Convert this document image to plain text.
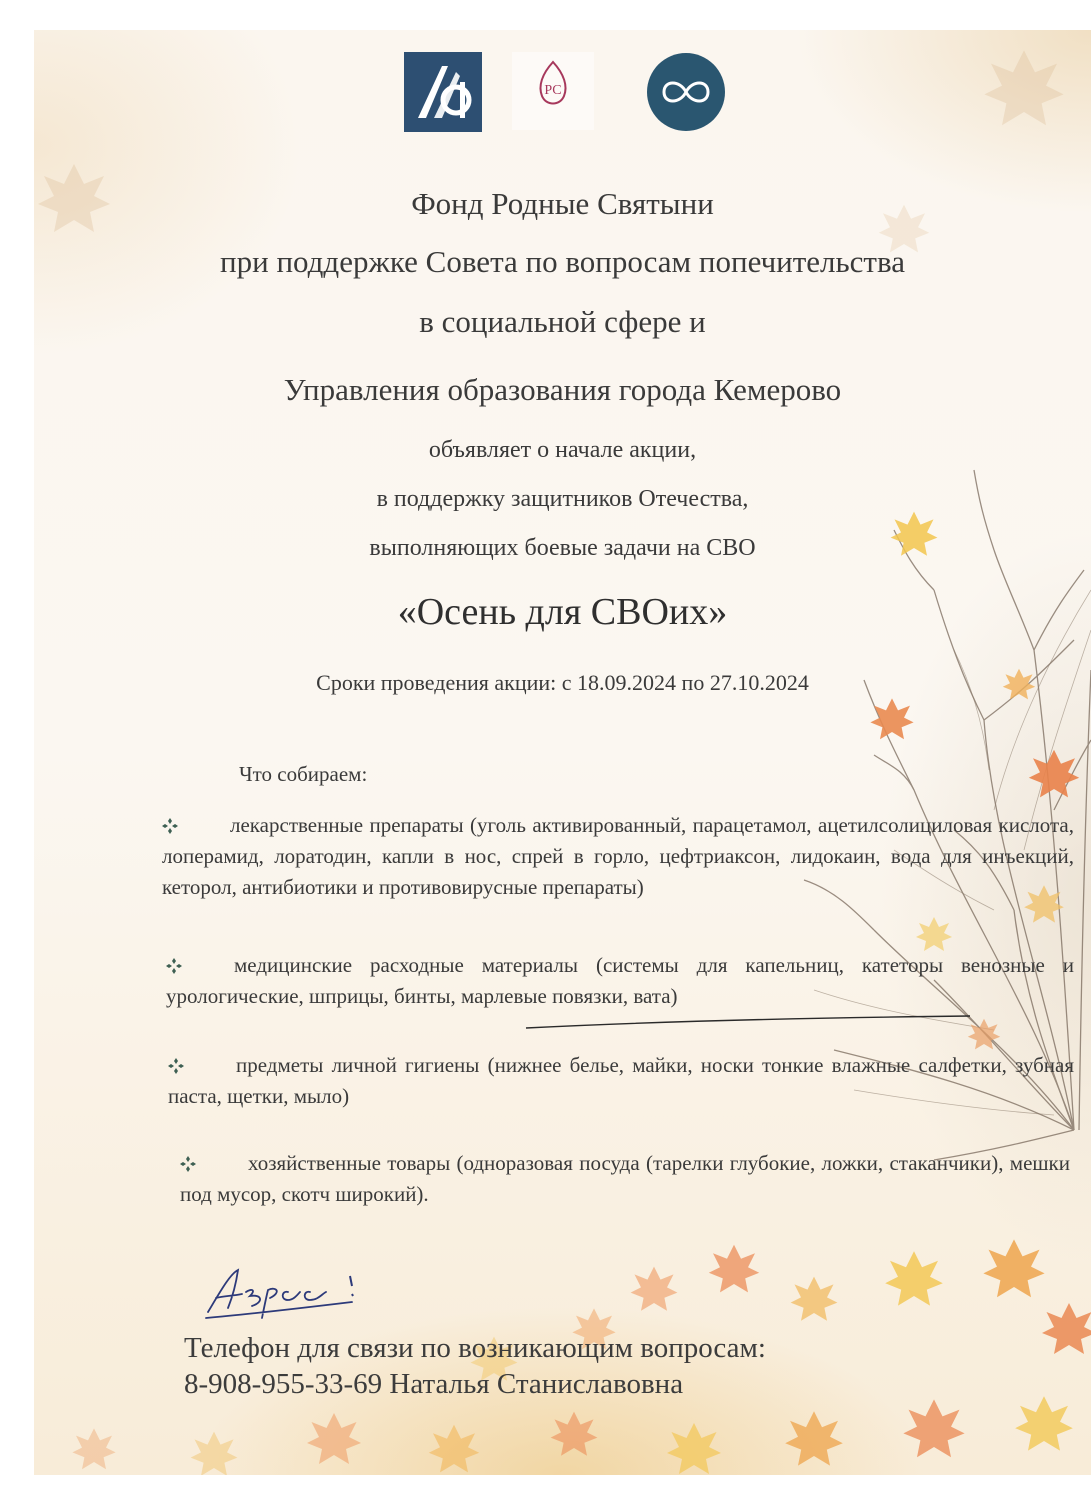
РС
Фонд Родные Святыни
при поддержке Совета по вопросам попечительства
в социальной сфере и
Управления образования города Кемерово
объявляет о начале акции,
в поддержку защитников Отечества,
выполняющих боевые задачи на СВО
«Осень для СВОих»
Сроки проведения акции: с 18.09.2024 по 27.10.2024
Что собираем:
лекарственные препараты (уголь активированный, парацетамол, ацетилсолициловая кислота, лоперамид, лоратодин, капли в нос, спрей в горло, цефтриаксон, лидокаин, вода для инъекций, кеторол, антибиотики и противовирусные препараты)
медицинские расходные материалы (системы для капельниц, катеторы венозные и урологические, шприцы, бинты, марлевые повязки, вата)
предметы личной гигиены (нижнее белье, майки, носки тонкие влажные салфетки, зубная паста, щетки, мыло)
хозяйственные товары (одноразовая посуда (тарелки глубокие, ложки, стаканчики), мешки под мусор, скотч широкий).
Телефон для связи по возникающим вопросам:
8-908-955-33-69 Наталья Станиславовна
